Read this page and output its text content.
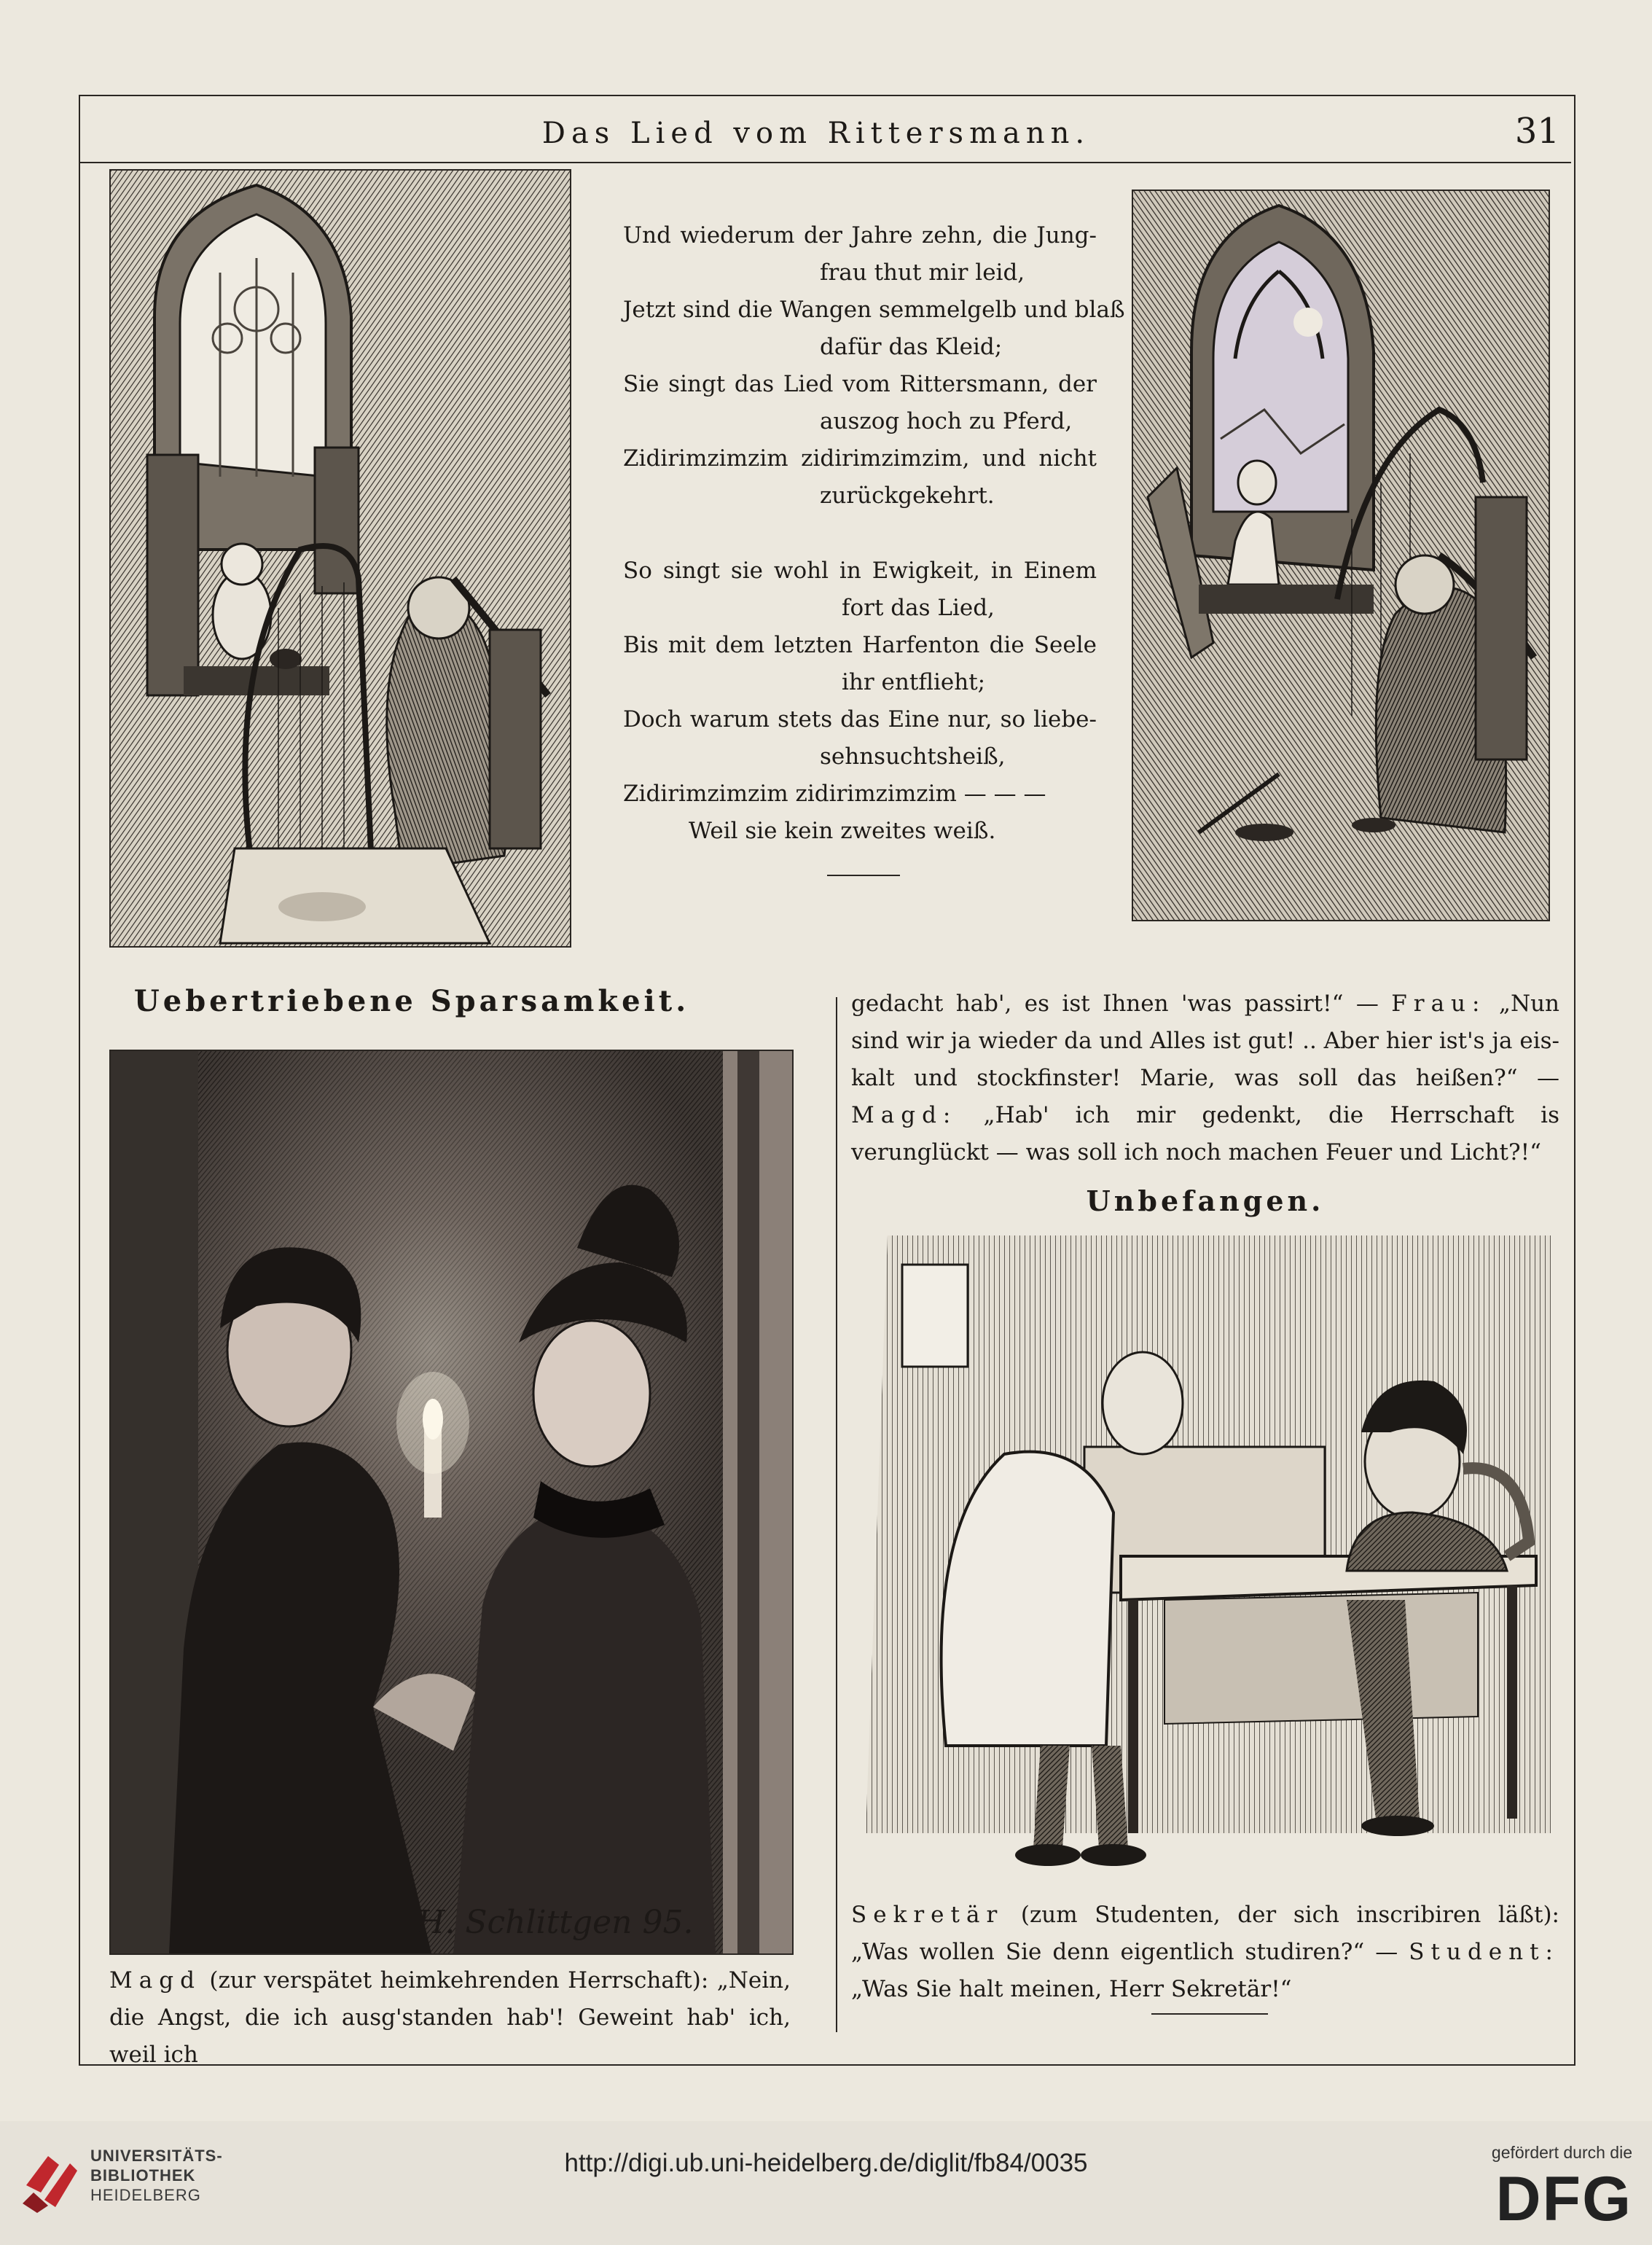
Das Lied vom Rittersmann.	31
Und wiederum der Jahre zehn, die Jung-
frau thut mir leid,
Jetzt sind die Wangen semmelgelb und blaß
dafür das Kleid;
Sie singt das Lied vom Rittersmann, der
auszog hoch zu Pferd,
Zidirimzimzim zidirimzimzim, und nicht
zurückgekehrt.
So singt sie wohl in Ewigkeit, in Einem
fort das Lied,
Bis mit dem letzten Harfenton die Seele
ihr entflieht;
Doch warum stets das Eine nur, so liebe-
sehnsuchtsheiß,
Zidirimzimzim zidirimzimzim — — —
Weil sie kein zweites weiß.
Uebertriebene Sparsamkeit.
H. Schlittgen 95.
Magd (zur verspätet heimkehrenden Herrschaft): „Nein, die Angst, die ich ausg'standen hab'! Geweint hab' ich, weil ich
gedacht hab', es ist Ihnen 'was passirt!“ — Frau: „Nun sind wir ja wieder da und Alles ist gut! .. Aber hier ist's ja eis-kalt und stockfinster! Marie, was soll das heißen?“ — Magd: „Hab' ich mir gedenkt, die Herrschaft is verunglückt — was soll ich noch machen Feuer und Licht?!“
Unbefangen.
Sekretär (zum Studenten, der sich inscribiren läßt): „Was wollen Sie denn eigentlich studiren?“ — Student: „Was Sie halt meinen, Herr Sekretär!“
UNIVERSITÄTS-
BIBLIOTHEK
HEIDELBERG
http://digi.ub.uni-heidelberg.de/diglit/fb84/0035	gefördert durch die
DFG
